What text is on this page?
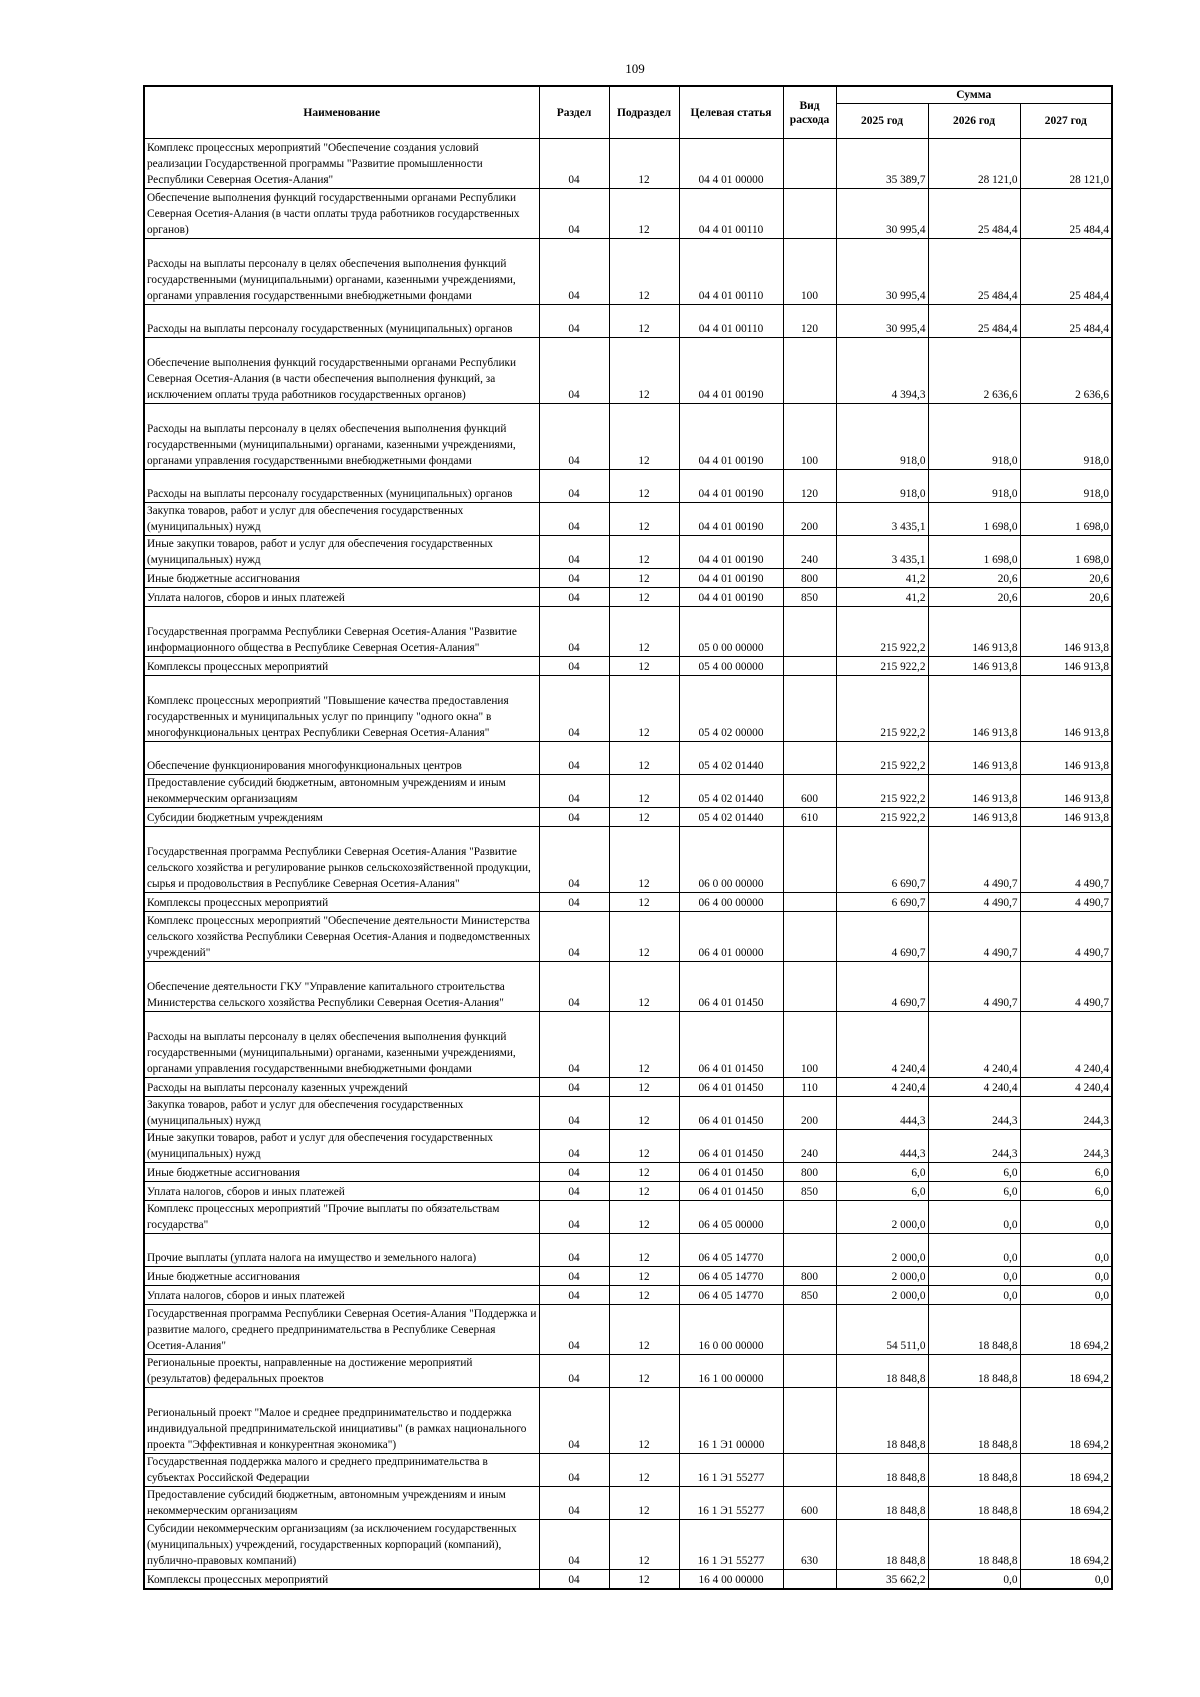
109
Наименование	Раздел	Подраздел	Целевая статья	Вид расхода	Сумма		
					2025 год	2026 год	2027 год
Комплекс процессных мероприятий "Обеспечение создания условий реализации Государственной программы "Развитие промышленности Республики Северная Осетия-Алания"	04	12	04 4 01 00000		35 389,7	28 121,0	28 121,0
Обеспечение выполнения функций государственными органами Республики Северная Осетия-Алания (в части оплаты труда работников государственных органов)	04	12	04 4 01 00110		30 995,4	25 484,4	25 484,4
Расходы на выплаты персоналу в целях обеспечения выполнения функций государственными (муниципальными) органами, казенными учреждениями, органами управления государственными внебюджетными фондами	04	12	04 4 01 00110	100	30 995,4	25 484,4	25 484,4
Расходы на выплаты персоналу государственных (муниципальных) органов	04	12	04 4 01 00110	120	30 995,4	25 484,4	25 484,4
Обеспечение выполнения функций государственными органами Республики Северная Осетия-Алания (в части обеспечения выполнения функций, за исключением оплаты труда работников государственных органов)	04	12	04 4 01 00190		4 394,3	2 636,6	2 636,6
Расходы на выплаты персоналу в целях обеспечения выполнения функций государственными (муниципальными) органами, казенными учреждениями, органами управления государственными внебюджетными фондами	04	12	04 4 01 00190	100	918,0	918,0	918,0
Расходы на выплаты персоналу государственных (муниципальных) органов	04	12	04 4 01 00190	120	918,0	918,0	918,0
Закупка товаров, работ и услуг для обеспечения государственных (муниципальных) нужд	04	12	04 4 01 00190	200	3 435,1	1 698,0	1 698,0
Иные закупки товаров, работ и услуг для обеспечения государственных (муниципальных) нужд	04	12	04 4 01 00190	240	3 435,1	1 698,0	1 698,0
Иные бюджетные ассигнования	04	12	04 4 01 00190	800	41,2	20,6	20,6
Уплата налогов, сборов и иных платежей	04	12	04 4 01 00190	850	41,2	20,6	20,6
Государственная программа Республики Северная Осетия-Алания "Развитие информационного общества в Республике Северная Осетия-Алания"	04	12	05 0 00 00000		215 922,2	146 913,8	146 913,8
Комплексы процессных мероприятий	04	12	05 4 00 00000		215 922,2	146 913,8	146 913,8
Комплекс процессных мероприятий "Повышение качества предоставления государственных и муниципальных услуг по принципу "одного окна" в многофункциональных центрах Республики Северная Осетия-Алания"	04	12	05 4 02 00000		215 922,2	146 913,8	146 913,8
Обеспечение функционирования многофункциональных центров	04	12	05 4 02 01440		215 922,2	146 913,8	146 913,8
Предоставление субсидий бюджетным, автономным учреждениям и иным некоммерческим организациям	04	12	05 4 02 01440	600	215 922,2	146 913,8	146 913,8
Субсидии бюджетным учреждениям	04	12	05 4 02 01440	610	215 922,2	146 913,8	146 913,8
Государственная программа Республики Северная Осетия-Алания "Развитие сельского хозяйства и регулирование рынков сельскохозяйственной продукции, сырья и продовольствия в Республике Северная Осетия-Алания"	04	12	06 0 00 00000		6 690,7	4 490,7	4 490,7
Комплексы процессных мероприятий	04	12	06 4 00 00000		6 690,7	4 490,7	4 490,7
Комплекс процессных мероприятий "Обеспечение деятельности Министерства сельского хозяйства Республики Северная Осетия-Алания и подведомственных учреждений"	04	12	06 4 01 00000		4 690,7	4 490,7	4 490,7
Обеспечение деятельности ГКУ "Управление капитального строительства Министерства сельского хозяйства Республики Северная Осетия-Алания"	04	12	06 4 01 01450		4 690,7	4 490,7	4 490,7
Расходы на выплаты персоналу в целях обеспечения выполнения функций государственными (муниципальными) органами, казенными учреждениями, органами управления государственными внебюджетными фондами	04	12	06 4 01 01450	100	4 240,4	4 240,4	4 240,4
Расходы на выплаты персоналу казенных учреждений	04	12	06 4 01 01450	110	4 240,4	4 240,4	4 240,4
Закупка товаров, работ и услуг для обеспечения государственных (муниципальных) нужд	04	12	06 4 01 01450	200	444,3	244,3	244,3
Иные закупки товаров, работ и услуг для обеспечения государственных (муниципальных) нужд	04	12	06 4 01 01450	240	444,3	244,3	244,3
Иные бюджетные ассигнования	04	12	06 4 01 01450	800	6,0	6,0	6,0
Уплата налогов, сборов и иных платежей	04	12	06 4 01 01450	850	6,0	6,0	6,0
Комплекс процессных мероприятий "Прочие выплаты по обязательствам государства"	04	12	06 4 05 00000		2 000,0	0,0	0,0
Прочие выплаты (уплата налога на имущество и земельного налога)	04	12	06 4 05 14770		2 000,0	0,0	0,0
Иные бюджетные ассигнования	04	12	06 4 05 14770	800	2 000,0	0,0	0,0
Уплата налогов, сборов и иных платежей	04	12	06 4 05 14770	850	2 000,0	0,0	0,0
Государственная программа Республики Северная Осетия-Алания "Поддержка и развитие малого, среднего предпринимательства в Республике Северная Осетия-Алания"	04	12	16 0 00 00000		54 511,0	18 848,8	18 694,2
Региональные проекты, направленные на достижение мероприятий (результатов) федеральных проектов	04	12	16 1 00 00000		18 848,8	18 848,8	18 694,2
Региональный проект "Малое и среднее предпринимательство и поддержка индивидуальной предпринимательской инициативы" (в рамках национального проекта "Эффективная и конкурентная экономика")	04	12	16 1 Э1 00000		18 848,8	18 848,8	18 694,2
Государственная поддержка малого и среднего предпринимательства в субъектах Российской Федерации	04	12	16 1 Э1 55277		18 848,8	18 848,8	18 694,2
Предоставление субсидий бюджетным, автономным учреждениям и иным некоммерческим организациям	04	12	16 1 Э1 55277	600	18 848,8	18 848,8	18 694,2
Субсидии некоммерческим организациям (за исключением государственных (муниципальных) учреждений, государственных корпораций (компаний), публично-правовых компаний)	04	12	16 1 Э1 55277	630	18 848,8	18 848,8	18 694,2
Комплексы процессных мероприятий	04	12	16 4 00 00000		35 662,2	0,0	0,0
